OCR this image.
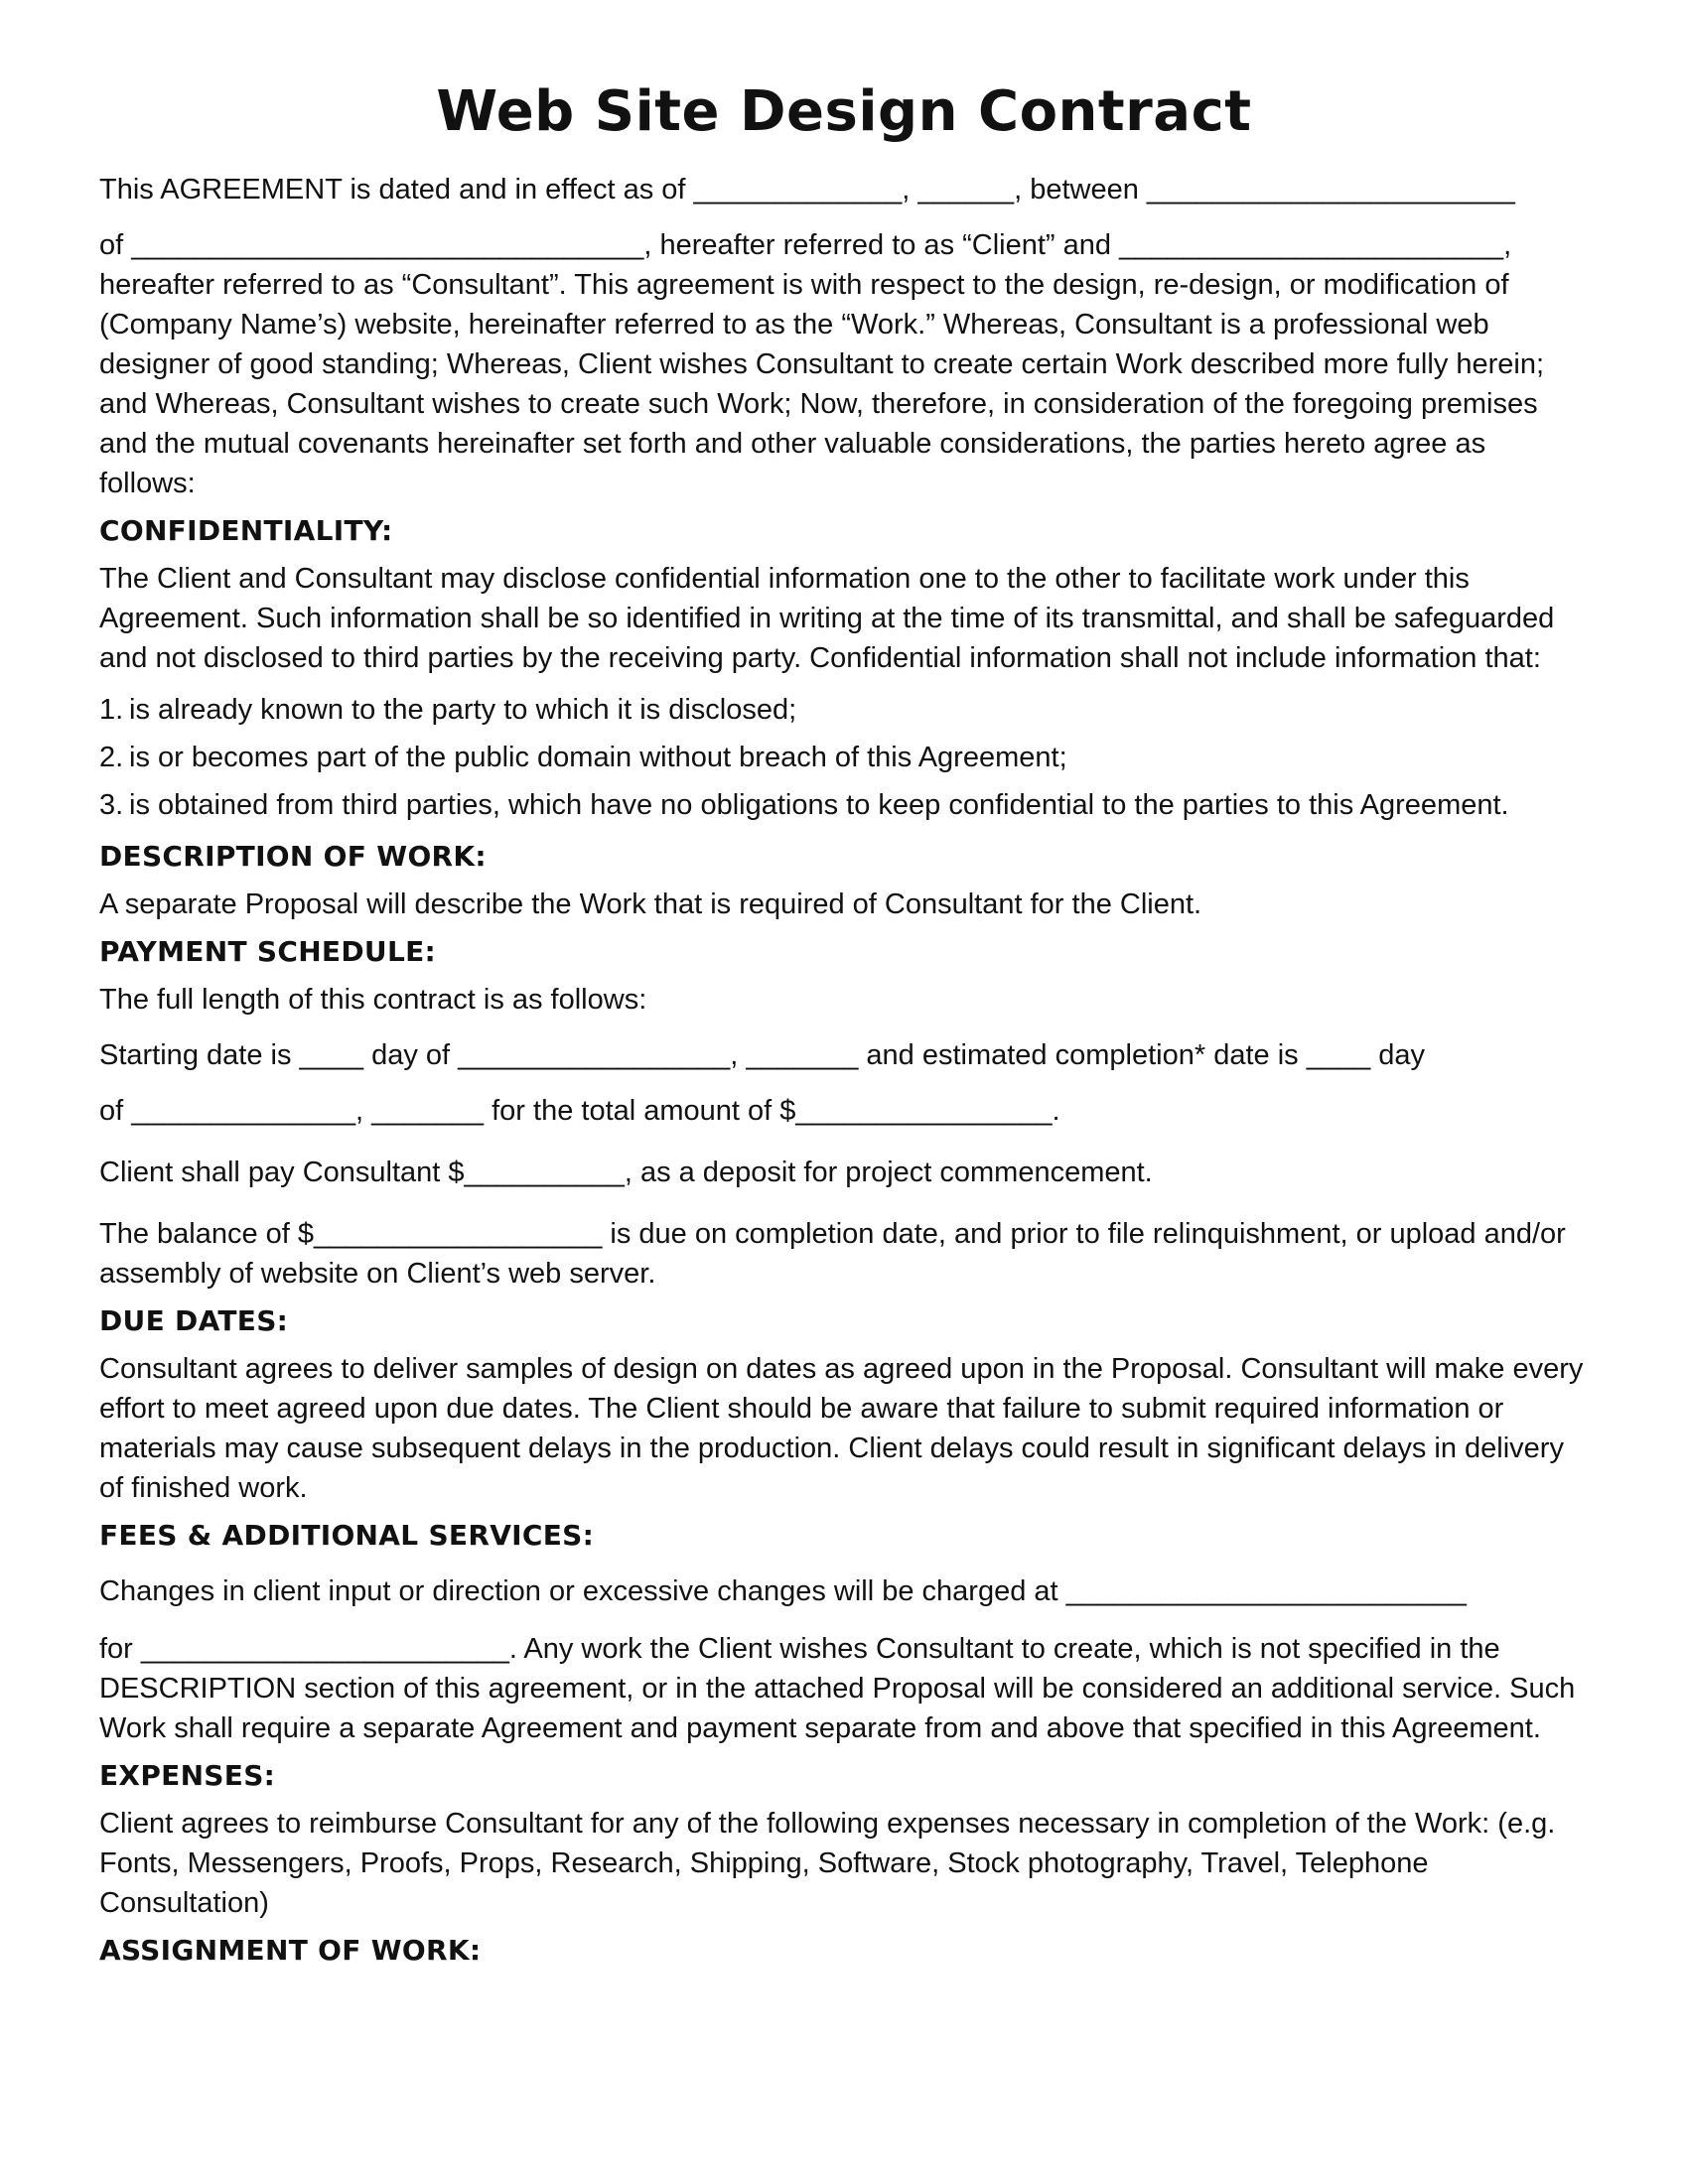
Web Site Design Contract
This AGREEMENT is dated and in effect as of _____________, ______, between _______________________
of ________________________________, hereafter referred to as “Client” and ________________________,
hereafter referred to as “Consultant”. This agreement is with respect to the design, re-design, or modification of (Company Name’s) website, hereinafter referred to as the “Work.” Whereas, Consultant is a professional web designer of good standing; Whereas, Client wishes Consultant to create certain Work described more fully herein; and Whereas, Consultant wishes to create such Work; Now, therefore, in consideration of the foregoing premises and the mutual covenants hereinafter set forth and other valuable considerations, the parties hereto agree as follows:
CONFIDENTIALITY:
The Client and Consultant may disclose confidential information one to the other to facilitate work under this Agreement. Such information shall be so identified in writing at the time of its transmittal, and shall be safeguarded and not disclosed to third parties by the receiving party. Confidential information shall not include information that:
1. is already known to the party to which it is disclosed;
2. is or becomes part of the public domain without breach of this Agreement;
3. is obtained from third parties, which have no obligations to keep confidential to the parties to this Agreement.
DESCRIPTION OF WORK:
A separate Proposal will describe the Work that is required of Consultant for the Client.
PAYMENT SCHEDULE:
The full length of this contract is as follows:
Starting date is ____ day of _________________, _______ and estimated completion* date is ____ day
of ______________, _______ for the total amount of $________________.
Client shall pay Consultant $__________, as a deposit for project commencement.
The balance of $__________________ is due on completion date, and prior to file relinquishment, or upload and/or assembly of website on Client’s web server.
DUE DATES:
Consultant agrees to deliver samples of design on dates as agreed upon in the Proposal. Consultant will make every effort to meet agreed upon due dates. The Client should be aware that failure to submit required information or materials may cause subsequent delays in the production. Client delays could result in significant delays in delivery of finished work.
FEES & ADDITIONAL SERVICES:
Changes in client input or direction or excessive changes will be charged at _________________________
for _______________________. Any work the Client wishes Consultant to create, which is not specified in the DESCRIPTION section of this agreement, or in the attached Proposal will be considered an additional service. Such Work shall require a separate Agreement and payment separate from and above that specified in this Agreement.
EXPENSES:
Client agrees to reimburse Consultant for any of the following expenses necessary in completion of the Work: (e.g. Fonts, Messengers, Proofs, Props, Research, Shipping, Software, Stock photography, Travel, Telephone Consultation)
ASSIGNMENT OF WORK:
